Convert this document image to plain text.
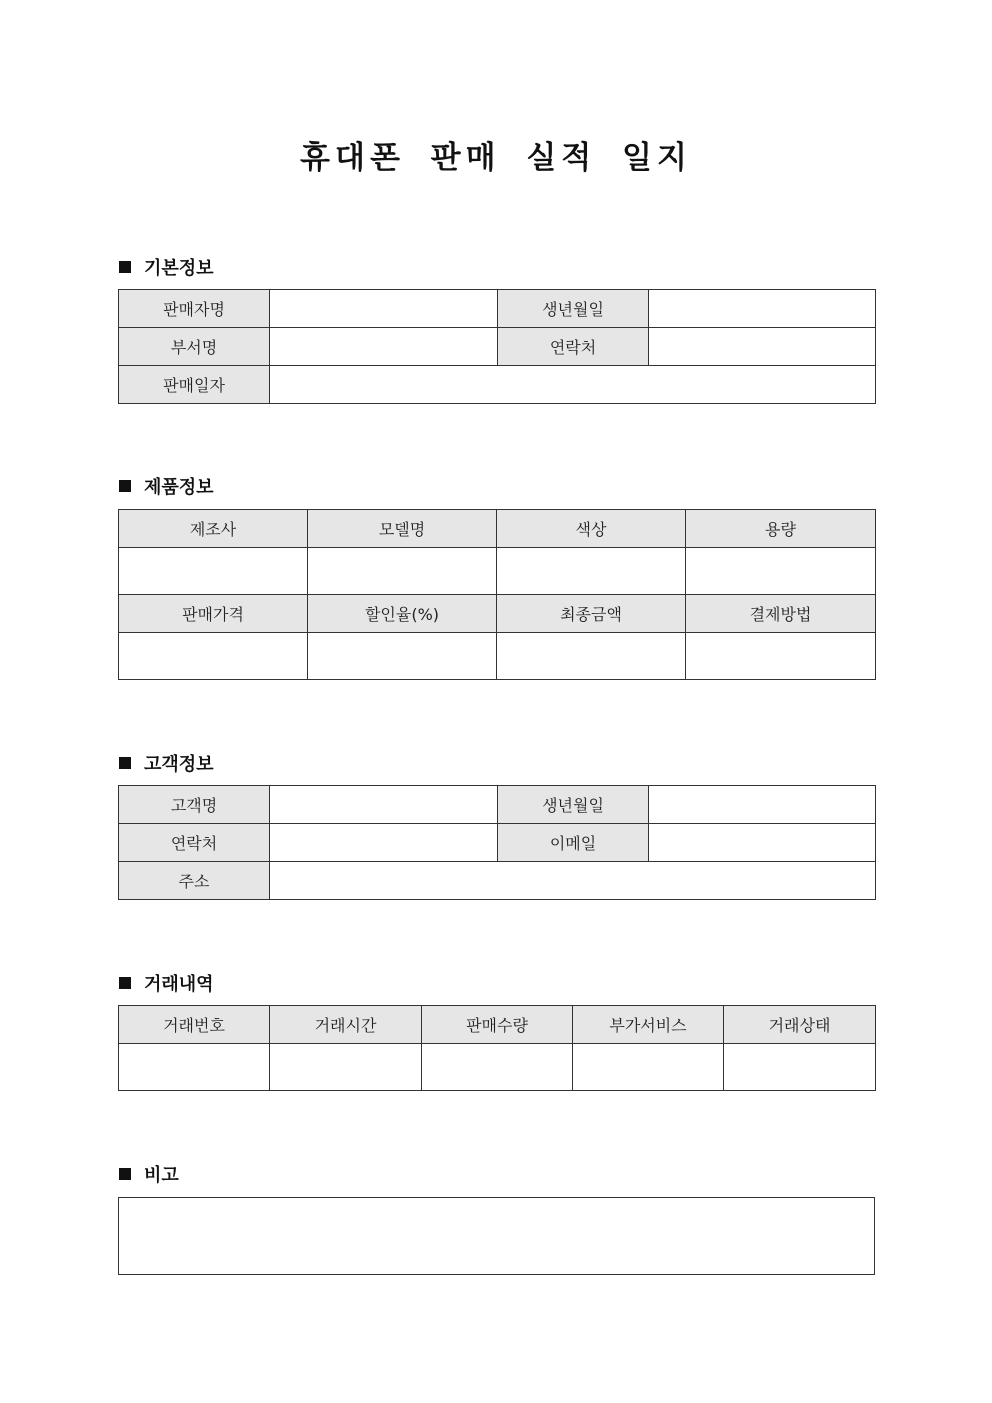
휴대폰 판매 실적 일지
기본정보
판매자명		생년월일	
부서명		연락처	
판매일자			
제품정보
제조사	모델명	색상	용량

판매가격	할인율(%)	최종금액	결제방법

고객정보
고객명		생년월일	
연락처		이메일	
주소			
거래내역
거래번호	거래시간	판매수량	부가서비스	거래상태

비고
